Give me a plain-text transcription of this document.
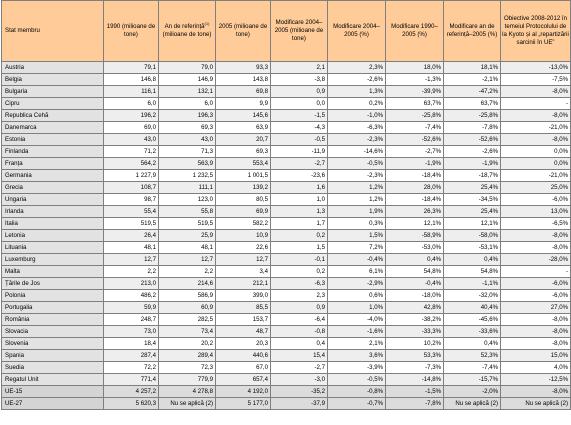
Stat membru	1990 (milioane de tone)	An de referință$^{(1)}$ (milioane de tone)	2005 (milioane de tone)	Modificare 2004–2005 (milioane de tone)	Modificare 2004–2005 (%)	Modificare 1990–2005 (%)	Modificare an de referință–2005 (%)	Obiective 2008-2012 în temeiul Protocolului de la Kyoto și al „repartizării sarcinii în UE”
Austria	79,1	79,0	93,3	2,1	2,3%	18,0%	18,1%	-13,0%
Belgia	146,8	146,9	143,8	-3,8	-2,6%	-1,3%	-2,1%	-7,5%
Bulgaria	116,1	132,1	69,8	0,9	1,3%	-39,9%	-47,2%	-8,0%
Cipru	6,0	6,0	9,9	0,0	0,2%	63,7%	63,7%	-
Republica Cehă	196,2	196,3	145,6	-1,5	-1,0%	-25,8%	-25,8%	-8,0%
Danemarca	69,0	69,3	63,9	-4,3	-6,3%	-7,4%	-7,8%	-21,0%
Estonia	43,0	43,0	20,7	-0,5	-2,3%	-52,6%	-52,6%	-8,0%
Finlanda	71,2	71,3	69,3	-11,9	-14,6%	-2,7%	-2,6%	0,0%
Franța	564,2	563,9	553,4	-2,7	-0,5%	-1,9%	-1,9%	0,0%
Germania	1 227,9	1 232,5	1 001,5	-23,6	-2,3%	-18,4%	-18,7%	-21,0%
Grecia	108,7	111,1	139,2	1,6	1,2%	28,0%	25,4%	25,0%
Ungaria	98,7	123,0	80,5	1,0	1,2%	-18,4%	-34,5%	-6,0%
Irlanda	55,4	55,8	69,9	1,3	1,9%	26,3%	25,4%	13,0%
Italia	519,5	519,5	582,2	1,7	0,3%	12,1%	12,1%	-6,5%
Letonia	26,4	25,9	10,9	0,2	1,5%	-58,9%	-58,0%	-8,0%
Lituania	48,1	48,1	22,6	1,5	7,2%	-53,0%	-53,1%	-8,0%
Luxemburg	12,7	12,7	12,7	-0,1	-0,4%	0,4%	0,4%	-28,0%
Malta	2,2	2,2	3,4	0,2	6,1%	54,8%	54,8%	-
Țările de Jos	213,0	214,6	212,1	-6,3	-2,9%	-0,4%	-1,1%	-6,0%
Polonia	486,2	586,9	399,0	2,3	0,6%	-18,0%	-32,0%	-6,0%
Portugalia	59,9	60,9	85,5	0,9	1,0%	42,8%	40,4%	27,0%
România	248,7	282,5	153,7	-6,4	-4,0%	-38,2%	-45,6%	-8,0%
Slovacia	73,0	73,4	48,7	-0,8	-1,6%	-33,3%	-33,6%	-8,0%
Slovenia	18,4	20,2	20,3	0,4	2,1%	10,2%	0,4%	-8,0%
Spania	287,4	289,4	440,6	15,4	3,6%	53,3%	52,3%	15,0%
Suedia	72,2	72,3	67,0	-2,7	-3,9%	-7,3%	-7,4%	4,0%
Regatul Unit	771,4	779,9	657,4	-3,0	-0,5%	-14,8%	-15,7%	-12,5%
UE-15	4 257,2	4 278,8	4 192,0	-35,2	-0,8%	-1,5%	-2,0%	-8,0%
UE-27	5 620,3	Nu se aplică (2)	5 177,0	-37,9	-0,7%	-7,8%	Nu se aplică (2)	Nu se aplică (2)
